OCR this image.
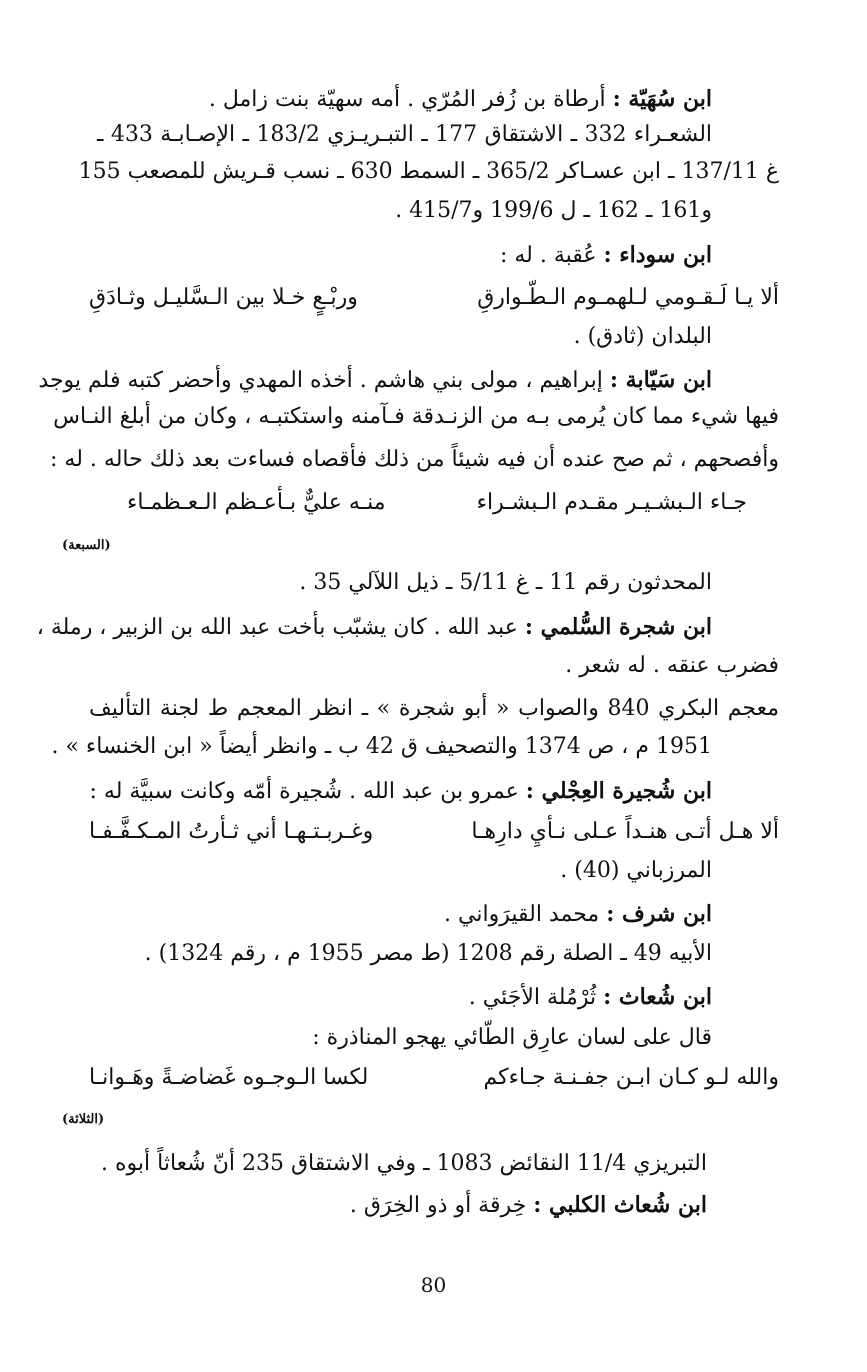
ابن سُهَيّة : أرطاة بن زُفر المُرّي . أمه سهيّة بنت زامل .
الشعـراء 332 ـ الاشتقاق 177 ـ التبـريـزي 183/2 ـ الإصـابـة 433 ـ
غ 137/11 ـ ابن عسـاكر 365/2 ـ السمط 630 ـ نسب قـريش للمصعب 155
و161 ـ 162 ـ ل 199/6 و415/7 .
ابن سوداء : عُقبة . له :
ألا يـا لَـقـومي لـلهمـوم الـطّـوارقِ
وربْـعٍ خـلا بين الـسَّليـل وثـادَقِ
البلدان (ثادق) .
ابن سَيّابة : إبراهيم ، مولى بني هاشم . أخذه المهدي وأحضر كتبه فلم يوجد
فيها شيء مما كان يُرمى بـه من الزنـدقة فـآمنه واستكتبـه ، وكان من أبلغ النـاس
وأفصحهم ، ثم صح عنده أن فيه شيئاً من ذلك فأقصاه فساءت بعد ذلك حاله . له :
جـاء الـبشـيـر مقـدم الـبشـراء
منـه عليٌّ بـأعـظم الـعـظمـاء
(السبعة)
المحدثون رقم 11 ـ غ 5/11 ـ ذيل اللآلي 35 .
ابن شجرة السُّلمي : عبد الله . كان يشبّب بأخت عبد الله بن الزبير ، رملة ،
فضرب عنقه . له شعر .
معجم البكري 840 والصواب « أبو شجرة » ـ انظر المعجم ط لجنة التأليف
1951 م ، ص 1374 والتصحيف ق 42 ب ـ وانظر أيضاً « ابن الخنساء » .
ابن شُجيرة العِجْلي : عمرو بن عبد الله . شُجيرة أمّه وكانت سبيَّة له :
ألا هـل أتـى هنـداً عـلى نـأيِ دارِهـا
وغـربـتـهـا أني ثـأرتُ المـكـفَّـفـا
المرزباني (40) .
ابن شرف : محمد القيرَواني .
الأبيه 49 ـ الصلة رقم 1208 (ط مصر 1955 م ، رقم 1324) .
ابن شُعاث : ثُرْمُلة الأجَئي .
قال على لسان عارِق الطّائي يهجو المناذرة :
والله لـو كـان ابـن جفـنـة جـاءكم
لكسا الـوجـوه غَضاضـةً وهَـوانـا
(الثلاثة)
التبريزي 11/4 النقائض 1083 ـ وفي الاشتقاق 235 أنّ شُعاثاً أبوه .
ابن شُعاث الكلبي : خِرقة أو ذو الخِرَق .
80
